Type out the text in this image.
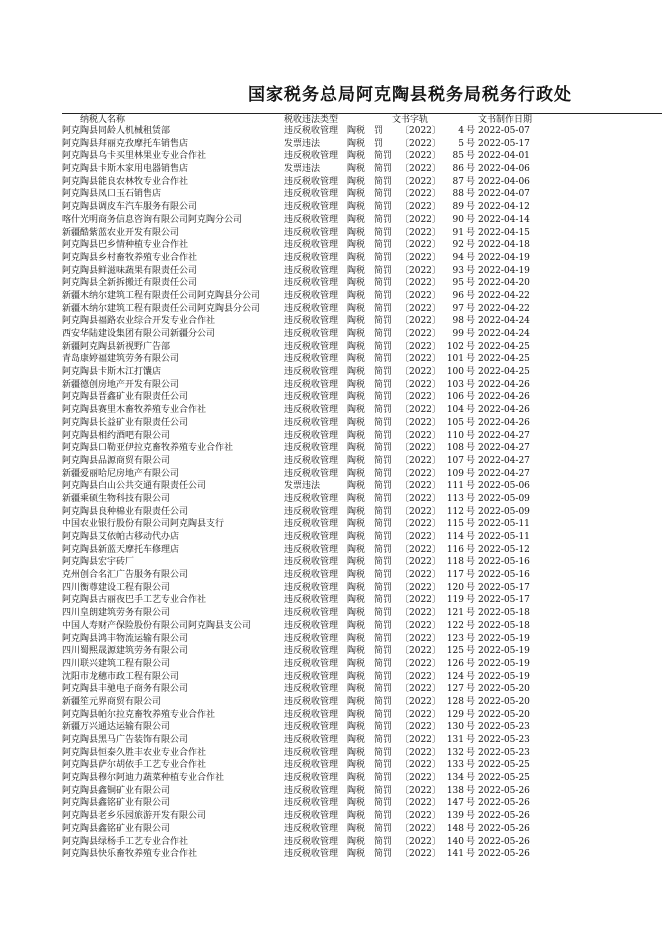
国家税务总局阿克陶县税务局税务行政处
纳税人名称	税收违法类型	文书字轨	文书制作日期
阿克陶县同龄人机械租赁部	违反税收管理 陶税 罚 〔2022〕	4 号 2022-05-07
阿克陶县拜丽克孜摩托车销售店	发票违法	陶税 罚 〔2022〕	5 号 2022-05-17
阿克陶县乌卡买里林果业专业合作社	违反税收管理 陶税 简罚 〔2022〕	85 号 2022-04-01
阿克陶县卡斯木家用电器销售店	发票违法	陶税 简罚 〔2022〕	86 号 2022-04-06
阿克陶县能良农林牧专业合作社	违反税收管理 陶税 简罚 〔2022〕	87 号 2022-04-06
阿克陶县凤口玉石销售店	违反税收管理 陶税 简罚 〔2022〕	88 号 2022-04-07
阿克陶县调皮车汽车服务有限公司	违反税收管理 陶税 简罚 〔2022〕	89 号 2022-04-12
喀什光明商务信息咨询有限公司阿克陶分公司	违反税收管理 陶税 简罚 〔2022〕	90 号 2022-04-14
新疆酷紫蓝农业开发有限公司	违反税收管理 陶税 简罚 〔2022〕	91 号 2022-04-15
阿克陶县巴乡情种植专业合作社	违反税收管理 陶税 简罚 〔2022〕	92 号 2022-04-18
阿克陶县乡村畜牧养殖专业合作社	违反税收管理 陶税 简罚 〔2022〕	94 号 2022-04-19
阿克陶县鲜滋味蔬果有限责任公司	违反税收管理 陶税 简罚 〔2022〕	93 号 2022-04-19
阿克陶县全新拆搬迁有限责任公司	违反税收管理 陶税 简罚 〔2022〕	95 号 2022-04-20
新疆木纳尔建筑工程有限责任公司阿克陶县分公司	违反税收管理 陶税 简罚 〔2022〕	96 号 2022-04-22
新疆木纳尔建筑工程有限责任公司阿克陶县分公司	违反税收管理 陶税 简罚 〔2022〕	97 号 2022-04-22
阿克陶县福路农业综合开发专业合作社	违反税收管理 陶税 简罚 〔2022〕	98 号 2022-04-24
西安华陆建设集团有限公司新疆分公司	违反税收管理 陶税 简罚 〔2022〕	99 号 2022-04-24
新疆阿克陶县新视野广告部	违反税收管理 陶税 简罚 〔2022〕 102 号 2022-04-25
青岛康婷福建筑劳务有限公司	违反税收管理 陶税 简罚 〔2022〕 101 号 2022-04-25
阿克陶县卡斯木江打馕店	违反税收管理 陶税 简罚 〔2022〕 100 号 2022-04-25
新疆德创房地产开发有限公司	违反税收管理 陶税 简罚 〔2022〕 103 号 2022-04-26
阿克陶县晋鑫矿业有限责任公司	违反税收管理 陶税 简罚 〔2022〕 106 号 2022-04-26
阿克陶县赛里木畜牧养殖专业合作社	违反税收管理 陶税 简罚 〔2022〕 104 号 2022-04-26
阿克陶县长益矿业有限责任公司	违反税收管理 陶税 简罚 〔2022〕 105 号 2022-04-26
阿克陶县相约酒吧有限公司	违反税收管理 陶税 简罚 〔2022〕 110 号 2022-04-27
阿克陶县口勒亚伊拉克畜牧养殖专业合作社	违反税收管理 陶税 简罚 〔2022〕 108 号 2022-04-27
阿克陶县品源商贸有限公司	违反税收管理 陶税 简罚 〔2022〕 107 号 2022-04-27
新疆爱丽哈尼房地产有限公司	违反税收管理 陶税 简罚 〔2022〕 109 号 2022-04-27
阿克陶县白山公共交通有限责任公司	发票违法	陶税 简罚 〔2022〕 111 号 2022-05-06
新疆乘硕生物科技有限公司	违反税收管理 陶税 简罚 〔2022〕 113 号 2022-05-09
阿克陶县良种棉业有限责任公司	违反税收管理 陶税 简罚 〔2022〕 112 号 2022-05-09
中国农业银行股份有限公司阿克陶县支行	违反税收管理 陶税 简罚 〔2022〕 115 号 2022-05-11
阿克陶县艾依帕古移动代办店	违反税收管理 陶税 简罚 〔2022〕 114 号 2022-05-11
阿克陶县新蓝天摩托车修理店	违反税收管理 陶税 简罚 〔2022〕 116 号 2022-05-12
阿克陶县宏宇砖厂	违反税收管理 陶税 简罚 〔2022〕 118 号 2022-05-16
克州创合名汇广告服务有限公司	违反税收管理 陶税 简罚 〔2022〕 117 号 2022-05-16
四川衡尊建设工程有限公司	违反税收管理 陶税 简罚 〔2022〕 120 号 2022-05-17
阿克陶县古丽夜巴手工艺专业合作社	违反税收管理 陶税 简罚 〔2022〕 119 号 2022-05-17
四川皇朗建筑劳务有限公司	违反税收管理 陶税 简罚 〔2022〕 121 号 2022-05-18
中国人寿财产保险股份有限公司阿克陶县支公司	违反税收管理 陶税 简罚 〔2022〕 122 号 2022-05-18
阿克陶县鸿丰物流运输有限公司	违反税收管理 陶税 简罚 〔2022〕 123 号 2022-05-19
四川蜀熙晟源建筑劳务有限公司	违反税收管理 陶税 简罚 〔2022〕 125 号 2022-05-19
四川联兴建筑工程有限公司	违反税收管理 陶税 简罚 〔2022〕 126 号 2022-05-19
沈阳市龙穗市政工程有限公司	违反税收管理 陶税 简罚 〔2022〕 124 号 2022-05-19
阿克陶县丰驰电子商务有限公司	违反税收管理 陶税 简罚 〔2022〕 127 号 2022-05-20
新疆笙元界商贸有限公司	违反税收管理 陶税 简罚 〔2022〕 128 号 2022-05-20
阿克陶县帕尔拉克畜牧养殖专业合作社	违反税收管理 陶税 简罚 〔2022〕 129 号 2022-05-20
新疆万兴通达运输有限公司	违反税收管理 陶税 简罚 〔2022〕 130 号 2022-05-23
阿克陶县黑马广告装饰有限公司	违反税收管理 陶税 简罚 〔2022〕 131 号 2022-05-23
阿克陶县恒泰久胜丰农业专业合作社	违反税收管理 陶税 简罚 〔2022〕 132 号 2022-05-23
阿克陶县萨尔胡依手工艺专业合作社	违反税收管理 陶税 简罚 〔2022〕 133 号 2022-05-25
阿克陶县穆尔阿迪力蔬菜种植专业合作社	违反税收管理 陶税 简罚 〔2022〕 134 号 2022-05-25
阿克陶县鑫铜矿业有限公司	违反税收管理 陶税 简罚 〔2022〕 138 号 2022-05-26
阿克陶县鑫铭矿业有限公司	违反税收管理 陶税 简罚 〔2022〕 147 号 2022-05-26
阿克陶县老乡乐园旅游开发有限公司	违反税收管理 陶税 简罚 〔2022〕 139 号 2022-05-26
阿克陶县鑫铭矿业有限公司	违反税收管理 陶税 简罚 〔2022〕 148 号 2022-05-26
阿克陶县绿杨手工艺专业合作社	违反税收管理 陶税 简罚 〔2022〕 140 号 2022-05-26
阿克陶县快乐畜牧养殖专业合作社	违反税收管理 陶税 简罚 〔2022〕 141 号 2022-05-26
